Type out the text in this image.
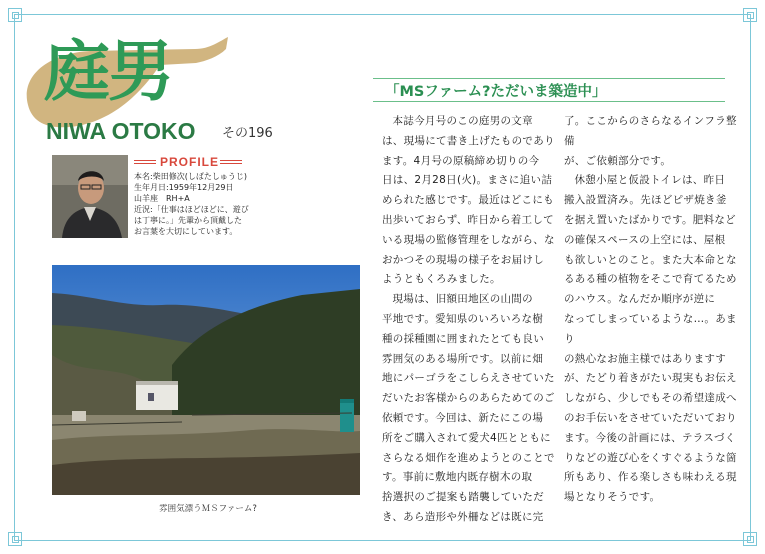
庭男
NIWA OTOKO その196
PROFILE
本名:柴田修次(しばたしゅうじ)
生年月日:1959年12月29日
山羊座　RH+A
近況:「仕事はほどほどに、遊び
は丁寧に。」先輩から頂戴した
お言葉を大切にしています。
雰囲気漂うＭＳファーム?
「MSファーム?ただいま築造中」

本誌今月号のこの庭男の文章

は、現場にて書き上げたものであり

ます。4月号の原稿締め切りの今

日は、2月28日(火)。まさに追い詰

められた感じです。最近はどこにも

出歩いておらず、昨日から着工して

いる現場の監修管理をしながら、な

おかつその現場の様子をお届けし

ようともくろみました。

現場は、旧額田地区の山間の

平地です。愛知県のいろいろな樹

種の採種園に囲まれたとても良い

雰囲気のある場所です。以前に畑

地にパーゴラをこしらえさせていた

だいたお客様からのあらためてのご

依頼です。今回は、新たにこの場

所をご購入されて愛犬4匹とともに

さらなる畑作を進めようとのことで

す。事前に敷地内既存樹木の取

捨選択のご提案も踏襲していただ

き、あら造形や外柵などは既に完

了。ここからのさらなるインフラ整備

が、ご依頼部分です。

休憩小屋と仮設トイレは、昨日

搬入設置済み。先ほどピザ焼き釜

を据え置いたばかりです。肥料など

の確保スペースの上空には、屋根

も欲しいとのこと。また大本命とな

るある種の植物をそこで育てるため

のハウス。なんだか順序が逆に

なってしまっているような…。あまり

の熱心なお施主様ではありますす

が、たどり着きがたい現実もお伝え

しながら、少しでもその希望達成へ

のお手伝いをさせていただいており

ます。今後の計画には、テラスづく

りなどの遊び心をくすぐるような箇

所もあり、作る楽しさも味わえる現

場となりそうです。
